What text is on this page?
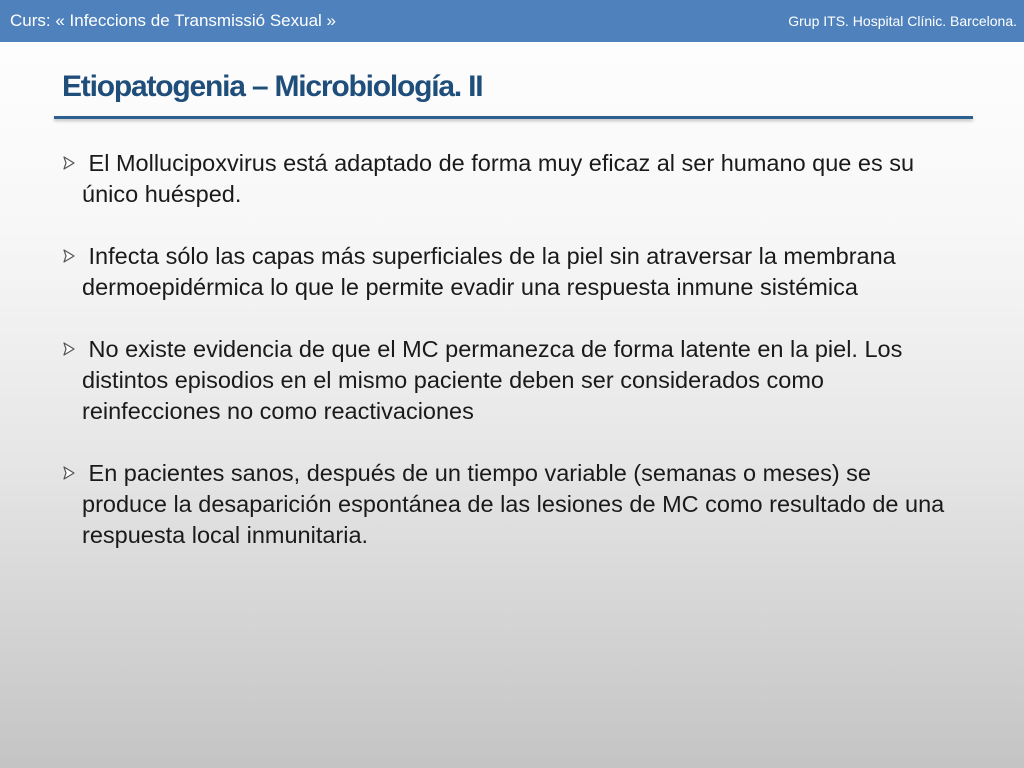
Curs: « Infeccions de Transmissió Sexual »	Grup ITS. Hospital Clínic. Barcelona.
Etiopatogenia – Microbiología. II
El Mollucipoxvirus está adaptado de forma muy eficaz al ser humano que es su único huésped.
Infecta sólo las capas más superficiales de la piel sin atraversar la membrana dermoepidérmica lo que le permite evadir una respuesta inmune sistémica
No existe evidencia de que el MC permanezca de forma latente en la piel. Los distintos episodios en el mismo paciente deben ser considerados como reinfecciones no como reactivaciones
En pacientes sanos, después de un tiempo variable (semanas o meses) se produce la desaparición espontánea de las lesiones de MC como resultado de una respuesta local inmunitaria.
